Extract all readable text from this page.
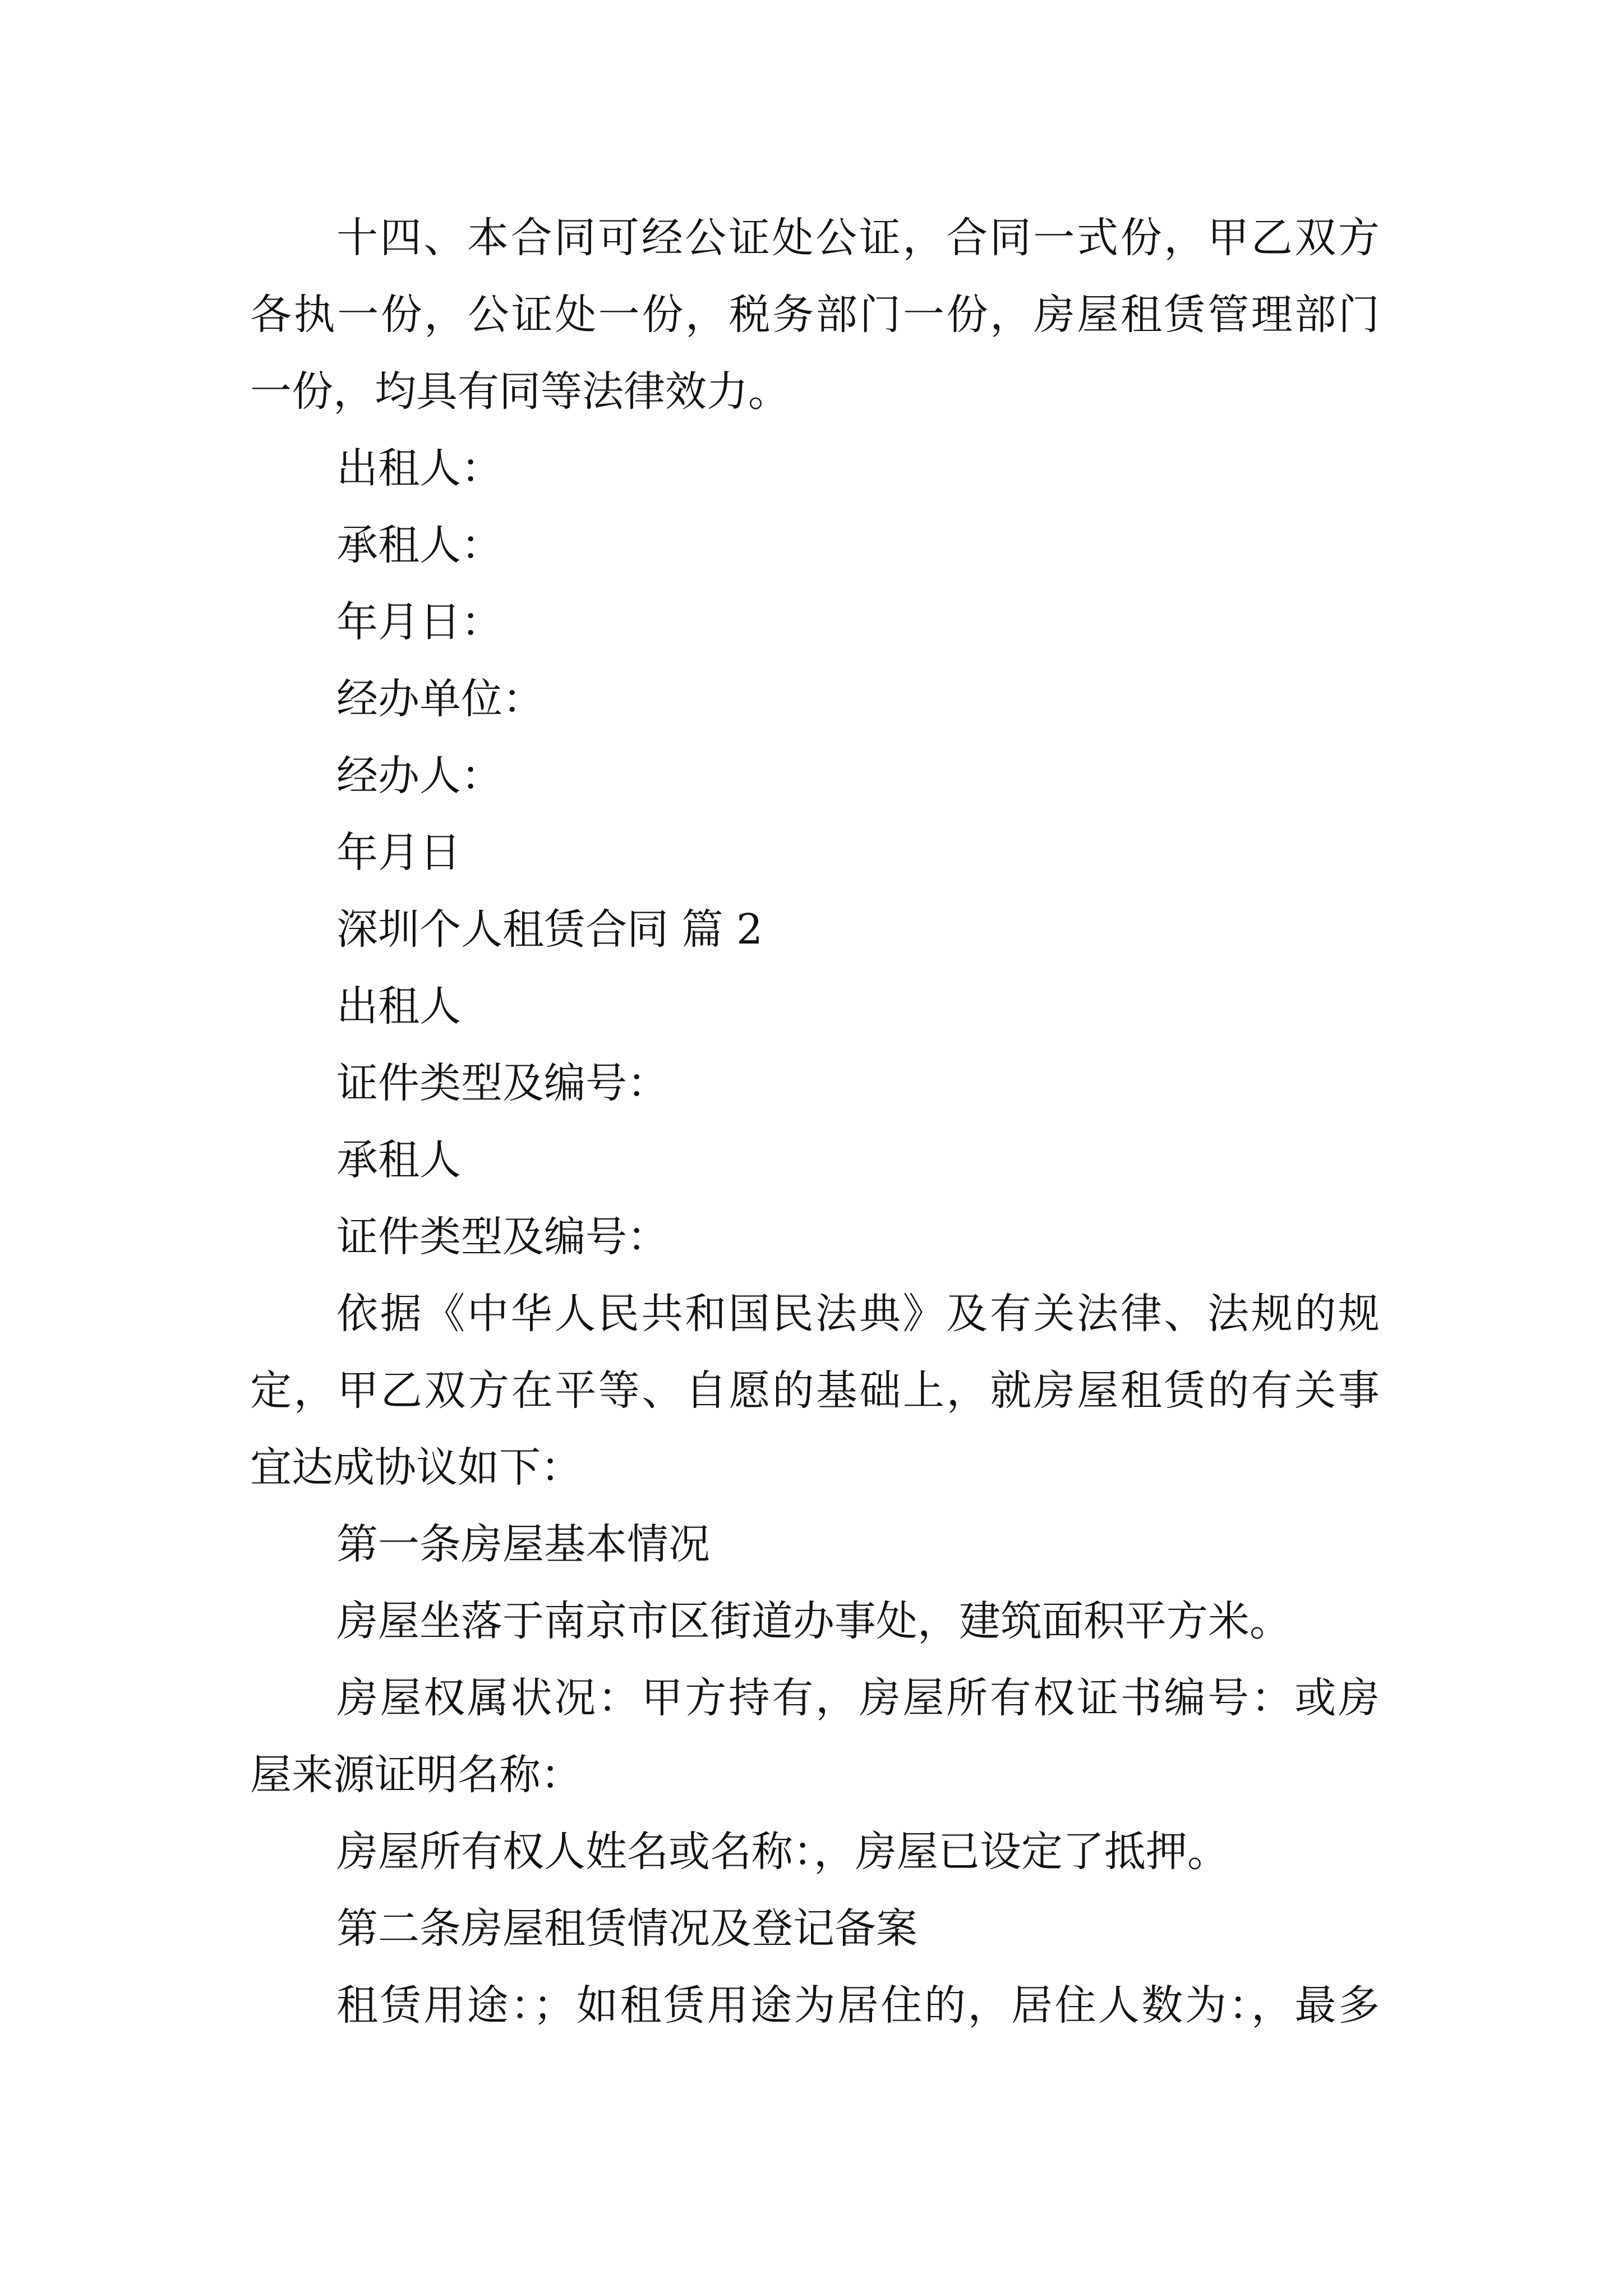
十四、本合同可经公证处公证，合同一式份，甲乙双方
各执一份，公证处一份，税务部门一份，房屋租赁管理部门
一份，均具有同等法律效力。
出租人：
承租人：
年月日：
经办单位：
经办人：
年月日
深圳个人租赁合同 篇 2
出租人
证件类型及编号：
承租人
证件类型及编号：
依据《中华人民共和国民法典》及有关法律、法规的规
定，甲乙双方在平等、自愿的基础上，就房屋租赁的有关事
宜达成协议如下：
第一条房屋基本情况
房屋坐落于南京市区街道办事处，建筑面积平方米。
房屋权属状况：甲方持有，房屋所有权证书编号：或房
屋来源证明名称：
房屋所有权人姓名或名称：，房屋已设定了抵押。
第二条房屋租赁情况及登记备案
租赁用途：；如租赁用途为居住的，居住人数为：，最多
